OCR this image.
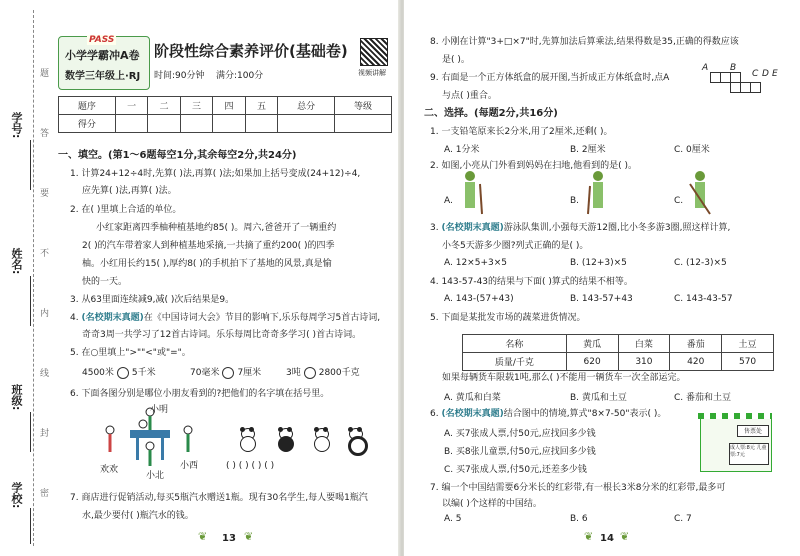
题
答
要
不
内
线
封
密
学号:
姓名:
班级:
学校:
PASS
小学学霸冲A卷
数学三年级上·RJ
阶段性综合素养评价(基础卷)
时间:90分钟 满分:100分	视频讲解
题序	一	二	三	四	五	总分	等级
得分							
一、填空。(第1～6题每空1分,其余每空2分,共24分)
1. 计算24+12÷4时,先算( )法,再算( )法;如果加上括号变成(24+12)÷4,
应先算( )法,再算( )法。
2. 在( )里填上合适的单位。
小红家距离四季柚种植基地约85( )。周六,爸爸开了一辆重约
2( )的汽车带着家人到种植基地采摘,一共摘了重约200( )的四季
柚。小红用长约15( ),厚约8( )的手机拍下了基地的风景,真是愉
快的一天。
3. 从63里面连续减9,减( )次后结果是9。
4. (名校期末真题)在《中国诗词大会》节目的影响下,乐乐每周学习5首古诗词,
奇奇3周一共学习了12首古诗词。乐乐每周比奇奇多学习( )首古诗词。
5. 在○里填上">""<"或"="。
4500米 5千米	70毫米 7厘米	3吨 2800千克
6. 下面各图分别是哪位小朋友看到的?把他们的名字填在括号里。
小明
欢欢
小北
小西	( ) ( ) ( ) ( )
7. 商店进行促销活动,每买5瓶汽水赠送1瓶。现有30名学生,每人要喝1瓶汽
水,最少要付( )瓶汽水的钱。
❦ 13 ❦
8. 小刚在计算"3+□×7"时,先算加法后算乘法,结果得数是35,正确的得数应该
是( )。
9. 右面是一个正方体纸盒的展开图,当折成正方体纸盒时,点A
与点( )重合。
A B
C D E
二、选择。(每题2分,共16分)
1. 一支铅笔原来长2分米,用了2厘米,还剩( )。
A. 1分米	B. 2厘米	C. 0厘米
2. 如图,小亮从门外看到妈妈在扫地,他看到的是( )。
A.	B.	C.
3. (名校期末真题)游泳队集训,小强每天游12圈,比小冬多游3圈,照这样计算,
小冬5天游多少圈?列式正确的是( )。
A. 12×5+3×5	B. (12+3)×5	C. (12-3)×5
4. 143-57-43的结果与下面( )算式的结果不相等。
A. 143-(57+43)	B. 143-57+43	C. 143-43-57
5. 下面是某批发市场的蔬菜进货情况。
名称	黄瓜	白菜	番茄	土豆
质量/千克	620	310	420	570
如果每辆货车限载1吨,那么( )不能用一辆货车一次全部运完。
A. 黄瓜和白菜	B. 黄瓜和土豆	C. 番茄和土豆
6. (名校期末真题)结合图中的情境,算式"8×7-50"表示( )。
A. 买7张成人票,付50元,应找回多少钱
B. 买8张儿童票,付50元,应找回多少钱
C. 买7张成人票,付50元,还差多少钱
售票处
成人票:8元 儿童票:7元
7. 编一个中国结需要6分米长的红彩带,有一根长3米8分米的红彩带,最多可
以编( )个这样的中国结。
A. 5	B. 6	C. 7
❦ 14 ❦
